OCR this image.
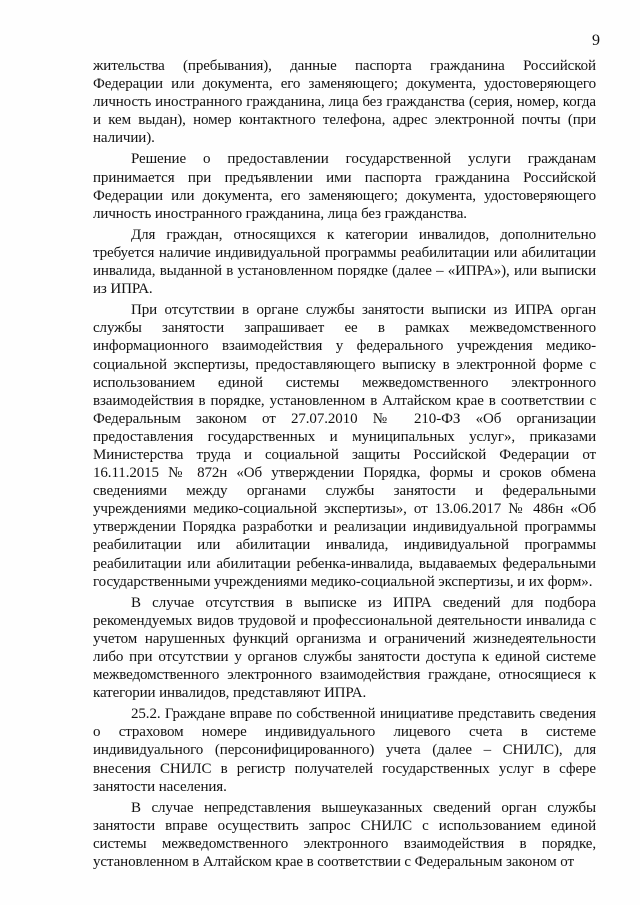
9

жительства (пребывания), данные паспорта гражданина Российской Федерации или документа, его заменяющего; документа, удостоверяющего личность иностранного гражданина, лица без гражданства (серия, номер, когда и кем выдан), номер контактного телефона, адрес электронной почты (при наличии).

Решение о предоставлении государственной услуги гражданам принимается при предъявлении ими паспорта гражданина Российской Федерации или документа, его заменяющего; документа, удостоверяющего личность иностранного гражданина, лица без гражданства.

Для граждан, относящихся к категории инвалидов, дополнительно требуется наличие индивидуальной программы реабилитации или абилитации инвалида, выданной в установленном порядке (далее – «ИПРА»), или выписки из ИПРА.

При отсутствии в органе службы занятости выписки из ИПРА орган службы занятости запрашивает ее в рамках межведомственного информационного взаимодействия у федерального учреждения медико-социальной экспертизы, предоставляющего выписку в электронной форме с использованием единой системы межведомственного электронного взаимодействия в порядке, установленном в Алтайском крае в соответствии с Федеральным законом от 27.07.2010 № 210-ФЗ «Об организации предоставления государственных и муниципальных услуг», приказами Министерства труда и социальной защиты Российской Федерации от 16.11.2015 № 872н «Об утверждении Порядка, формы и сроков обмена сведениями между органами службы занятости и федеральными учреждениями медико-социальной экспертизы», от 13.06.2017 № 486н «Об утверждении Порядка разработки и реализации индивидуальной программы реабилитации или абилитации инвалида, индивидуальной программы реабилитации или абилитации ребенка-инвалида, выдаваемых федеральными государственными учреждениями медико-социальной экспертизы, и их форм».

В случае отсутствия в выписке из ИПРА сведений для подбора рекомендуемых видов трудовой и профессиональной деятельности инвалида с учетом нарушенных функций организма и ограничений жизнедеятельности либо при отсутствии у органов службы занятости доступа к единой системе межведомственного электронного взаимодействия граждане, относящиеся к категории инвалидов, представляют ИПРА.

25.2. Граждане вправе по собственной инициативе представить сведения о страховом номере индивидуального лицевого счета в системе индивидуального (персонифицированного) учета (далее – СНИЛС), для внесения СНИЛС в регистр получателей государственных услуг в сфере занятости населения.

В случае непредставления вышеуказанных сведений орган службы занятости вправе осуществить запрос СНИЛС с использованием единой системы межведомственного электронного взаимодействия в порядке, установленном в Алтайском крае в соответствии с Федеральным законом от
